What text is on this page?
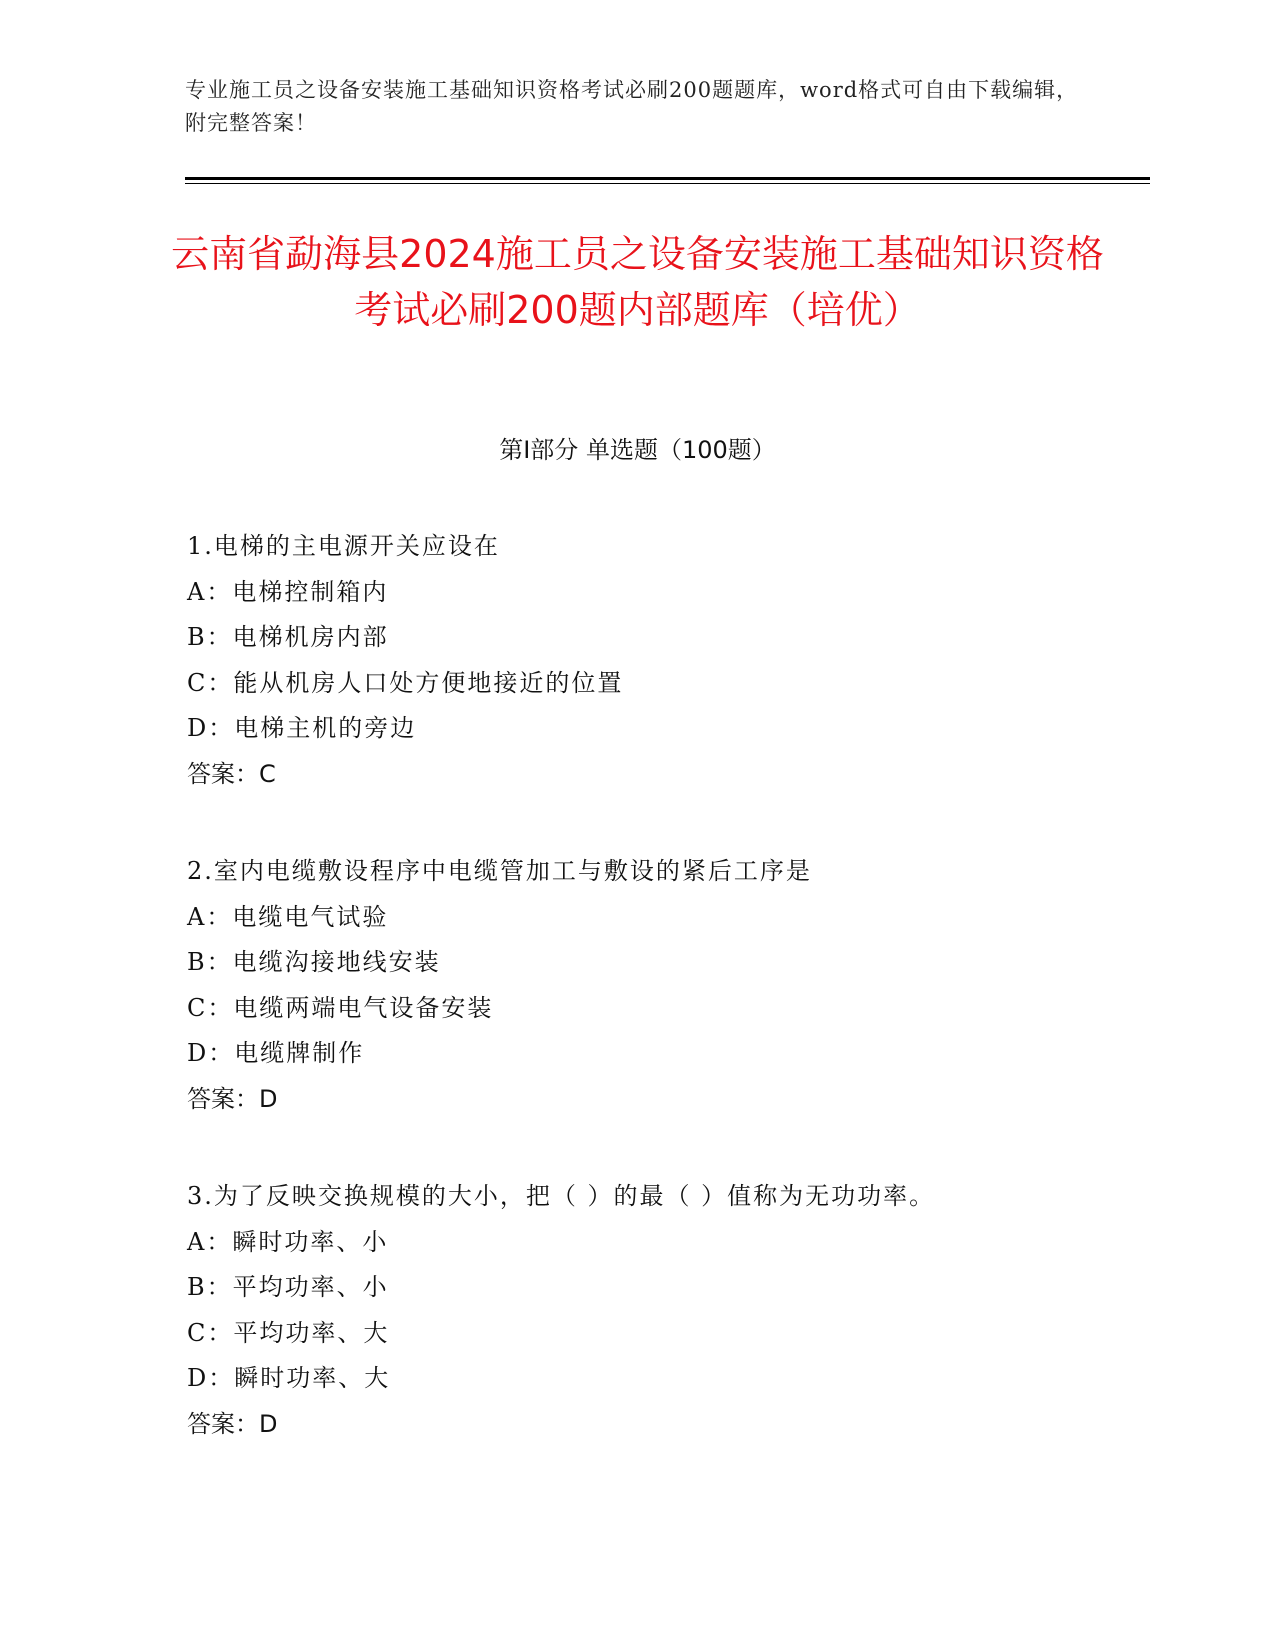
专业施工员之设备安装施工基础知识资格考试必刷200题题库，word格式可自由下载编辑，附完整答案！
云南省勐海县2024施工员之设备安装施工基础知识资格考试必刷200题内部题库（培优）
第I部分 单选题（100题）
1.电梯的主电源开关应设在
A：电梯控制箱内
B：电梯机房内部
C：能从机房人口处方便地接近的位置
D：电梯主机的旁边
答案：C
2.室内电缆敷设程序中电缆管加工与敷设的紧后工序是
A：电缆电气试验
B：电缆沟接地线安装
C：电缆两端电气设备安装
D：电缆牌制作
答案：D
3.为了反映交换规模的大小，把（ ）的最（ ）值称为无功功率。
A：瞬时功率、小
B：平均功率、小
C：平均功率、大
D：瞬时功率、大
答案：D
